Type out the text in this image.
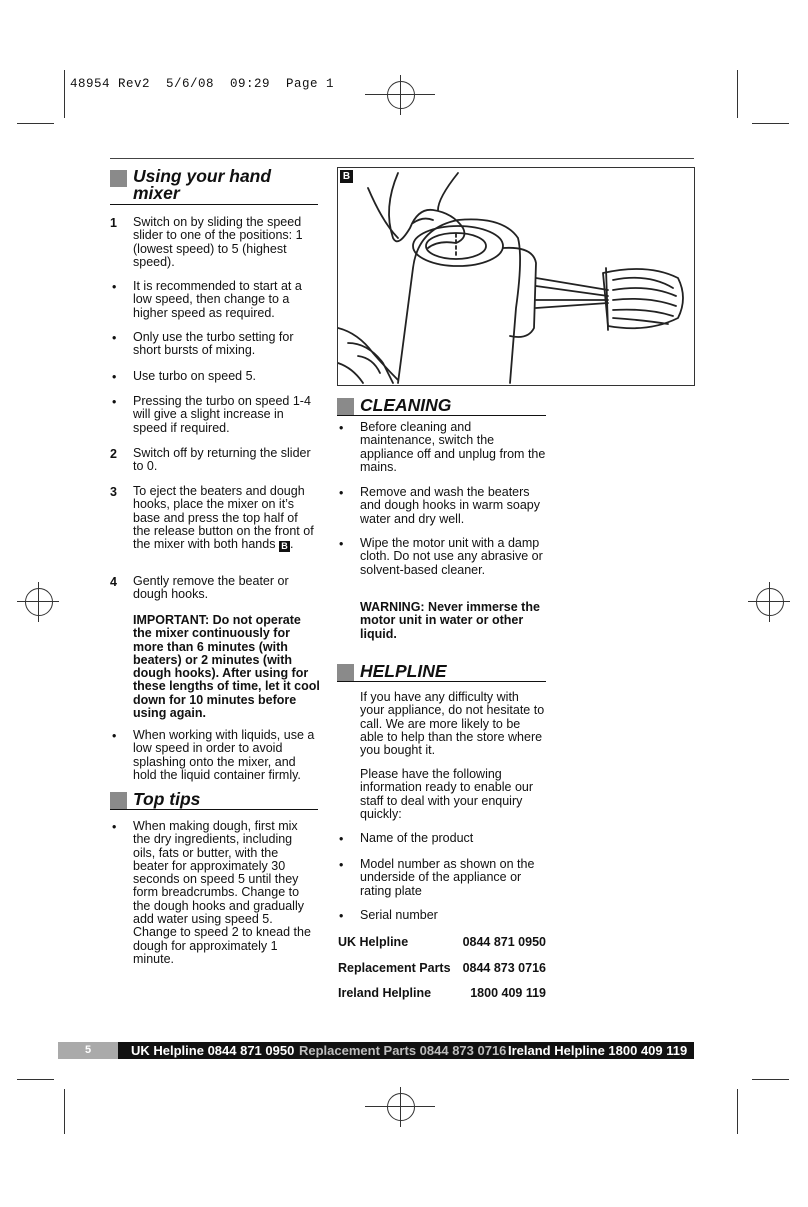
48954 Rev2  5/6/08  09:29  Page 1
Using your hand mixer
1 Switch on by sliding the speed slider to one of the positions: 1 (lowest speed) to 5 (highest speed).
• It is recommended to start at a low speed, then change to a higher speed as required.
• Only use the turbo setting for short bursts of mixing.
• Use turbo on speed 5.
• Pressing the turbo on speed 1-4 will give a slight increase in speed if required.
2 Switch off by returning the slider to 0.
3 To eject the beaters and dough hooks, place the mixer on it’s base and press the top half of the release button on the front of the mixer with both hands B .
4 Gently remove the beater or dough hooks.
IMPORTANT: Do not operate the mixer continuously for more than 6 minutes (with beaters) or 2 minutes (with dough hooks). After using for these lengths of time, let it cool down for 10 minutes before using again.
• When working with liquids, use a low speed in order to avoid splashing onto the mixer, and hold the liquid container firmly.
Top tips
• When making dough, first mix the dry ingredients, including oils, fats or butter, with the beater for approximately 30 seconds on speed 5 until they form breadcrumbs. Change to the dough hooks and gradually add water using speed 5. Change to speed 2 to knead the dough for approximately 1 minute.
B
CLEANING
• Before cleaning and maintenance, switch the appliance off and unplug from the mains.
• Remove and wash the beaters and dough hooks in warm soapy water and dry well.
• Wipe the motor unit with a damp cloth. Do not use any abrasive or solvent-based cleaner.
WARNING: Never immerse the motor unit in water or other liquid.
HELPLINE
If you have any difficulty with your appliance, do not hesitate to call. We are more likely to be able to help than the store where you bought it.
Please have the following information ready to enable our staff to deal with your enquiry quickly:
• Name of the product
• Model number as shown on the underside of the appliance or rating plate
• Serial number
UK Helpline	0844 871 0950
Replacement Parts 0844 873 0716
Ireland Helpline	1800 409 119
5	UK Helpline 0844 871 0950 Replacement Parts 0844 873 0716 Ireland Helpline 1800 409 119
